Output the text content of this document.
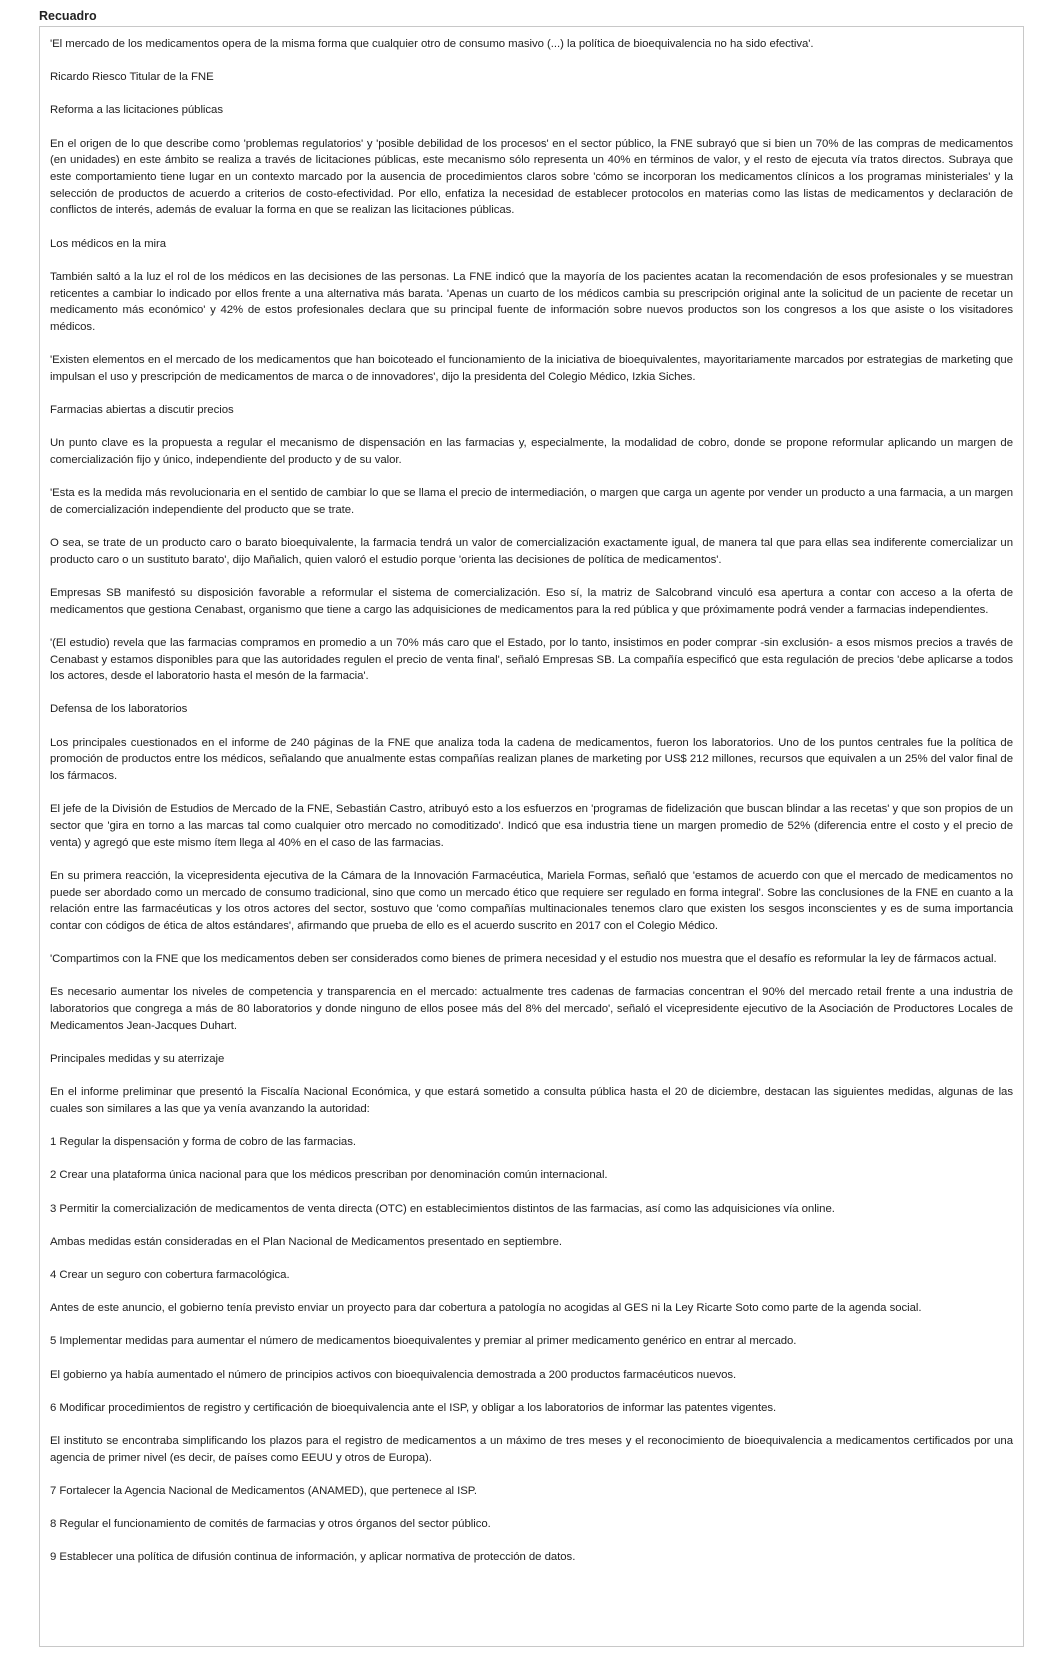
Recuadro

'El mercado de los medicamentos opera de la misma forma que cualquier otro de consumo masivo (...) la política de bioequivalencia no ha sido efectiva'.

Ricardo Riesco Titular de la FNE

Reforma a las licitaciones públicas

En el origen de lo que describe como 'problemas regulatorios' y 'posible debilidad de los procesos' en el sector público, la FNE subrayó que si bien un 70% de las compras de medicamentos (en unidades) en este ámbito se realiza a través de licitaciones públicas, este mecanismo sólo representa un 40% en términos de valor, y el resto de ejecuta vía tratos directos. Subraya que este comportamiento tiene lugar en un contexto marcado por la ausencia de procedimientos claros sobre 'cómo se incorporan los medicamentos clínicos a los programas ministeriales' y la selección de productos de acuerdo a criterios de costo-efectividad. Por ello, enfatiza la necesidad de establecer protocolos en materias como las listas de medicamentos y declaración de conflictos de interés, además de evaluar la forma en que se realizan las licitaciones públicas.

Los médicos en la mira

También saltó a la luz el rol de los médicos en las decisiones de las personas. La FNE indicó que la mayoría de los pacientes acatan la recomendación de esos profesionales y se muestran reticentes a cambiar lo indicado por ellos frente a una alternativa más barata. 'Apenas un cuarto de los médicos cambia su prescripción original ante la solicitud de un paciente de recetar un medicamento más económico' y 42% de estos profesionales declara que su principal fuente de información sobre nuevos productos son los congresos a los que asiste o los visitadores médicos.

'Existen elementos en el mercado de los medicamentos que han boicoteado el funcionamiento de la iniciativa de bioequivalentes, mayoritariamente marcados por estrategias de marketing que impulsan el uso y prescripción de medicamentos de marca o de innovadores', dijo la presidenta del Colegio Médico, Izkia Siches.

Farmacias abiertas a discutir precios

Un punto clave es la propuesta a regular el mecanismo de dispensación en las farmacias y, especialmente, la modalidad de cobro, donde se propone reformular aplicando un margen de comercialización fijo y único, independiente del producto y de su valor.

'Esta es la medida más revolucionaria en el sentido de cambiar lo que se llama el precio de intermediación, o margen que carga un agente por vender un producto a una farmacia, a un margen de comercialización independiente del producto que se trate.

O sea, se trate de un producto caro o barato bioequivalente, la farmacia tendrá un valor de comercialización exactamente igual, de manera tal que para ellas sea indiferente comercializar un producto caro o un sustituto barato', dijo Mañalich, quien valoró el estudio porque 'orienta las decisiones de política de medicamentos'.

Empresas SB manifestó su disposición favorable a reformular el sistema de comercialización. Eso sí, la matriz de Salcobrand vinculó esa apertura a contar con acceso a la oferta de medicamentos que gestiona Cenabast, organismo que tiene a cargo las adquisiciones de medicamentos para la red pública y que próximamente podrá vender a farmacias independientes.

'(El estudio) revela que las farmacias compramos en promedio a un 70% más caro que el Estado, por lo tanto, insistimos en poder comprar -sin exclusión- a esos mismos precios a través de Cenabast y estamos disponibles para que las autoridades regulen el precio de venta final', señaló Empresas SB. La compañía especificó que esta regulación de precios 'debe aplicarse a todos los actores, desde el laboratorio hasta el mesón de la farmacia'.

Defensa de los laboratorios

Los principales cuestionados en el informe de 240 páginas de la FNE que analiza toda la cadena de medicamentos, fueron los laboratorios. Uno de los puntos centrales fue la política de promoción de productos entre los médicos, señalando que anualmente estas compañías realizan planes de marketing por US$ 212 millones, recursos que equivalen a un 25% del valor final de los fármacos.

El jefe de la División de Estudios de Mercado de la FNE, Sebastián Castro, atribuyó esto a los esfuerzos en 'programas de fidelización que buscan blindar a las recetas' y que son propios de un sector que 'gira en torno a las marcas tal como cualquier otro mercado no comoditizado'. Indicó que esa industria tiene un margen promedio de 52% (diferencia entre el costo y el precio de venta) y agregó que este mismo ítem llega al 40% en el caso de las farmacias.

En su primera reacción, la vicepresidenta ejecutiva de la Cámara de la Innovación Farmacéutica, Mariela Formas, señaló que 'estamos de acuerdo con que el mercado de medicamentos no puede ser abordado como un mercado de consumo tradicional, sino que como un mercado ético que requiere ser regulado en forma integral'. Sobre las conclusiones de la FNE en cuanto a la relación entre las farmacéuticas y los otros actores del sector, sostuvo que 'como compañías multinacionales tenemos claro que existen los sesgos inconscientes y es de suma importancia contar con códigos de ética de altos estándares', afirmando que prueba de ello es el acuerdo suscrito en 2017 con el Colegio Médico.

'Compartimos con la FNE que los medicamentos deben ser considerados como bienes de primera necesidad y el estudio nos muestra que el desafío es reformular la ley de fármacos actual.

Es necesario aumentar los niveles de competencia y transparencia en el mercado: actualmente tres cadenas de farmacias concentran el 90% del mercado retail frente a una industria de laboratorios que congrega a más de 80 laboratorios y donde ninguno de ellos posee más del 8% del mercado', señaló el vicepresidente ejecutivo de la Asociación de Productores Locales de Medicamentos Jean-Jacques Duhart.

Principales medidas y su aterrizaje

En el informe preliminar que presentó la Fiscalía Nacional Económica, y que estará sometido a consulta pública hasta el 20 de diciembre, destacan las siguientes medidas, algunas de las cuales son similares a las que ya venía avanzando la autoridad:

1 Regular la dispensación y forma de cobro de las farmacias.

2 Crear una plataforma única nacional para que los médicos prescriban por denominación común internacional.

3 Permitir la comercialización de medicamentos de venta directa (OTC) en establecimientos distintos de las farmacias, así como las adquisiciones vía online.

Ambas medidas están consideradas en el Plan Nacional de Medicamentos presentado en septiembre.

4 Crear un seguro con cobertura farmacológica.

Antes de este anuncio, el gobierno tenía previsto enviar un proyecto para dar cobertura a patología no acogidas al GES ni la Ley Ricarte Soto como parte de la agenda social.

5 Implementar medidas para aumentar el número de medicamentos bioequivalentes y premiar al primer medicamento genérico en entrar al mercado.

El gobierno ya había aumentado el número de principios activos con bioequivalencia demostrada a 200 productos farmacéuticos nuevos.

6 Modificar procedimientos de registro y certificación de bioequivalencia ante el ISP, y obligar a los laboratorios de informar las patentes vigentes.

El instituto se encontraba simplificando los plazos para el registro de medicamentos a un máximo de tres meses y el reconocimiento de bioequivalencia a medicamentos certificados por una agencia de primer nivel (es decir, de países como EEUU y otros de Europa).

7 Fortalecer la Agencia Nacional de Medicamentos (ANAMED), que pertenece al ISP.

8 Regular el funcionamiento de comités de farmacias y otros órganos del sector público.

9 Establecer una política de difusión continua de información, y aplicar normativa de protección de datos.
